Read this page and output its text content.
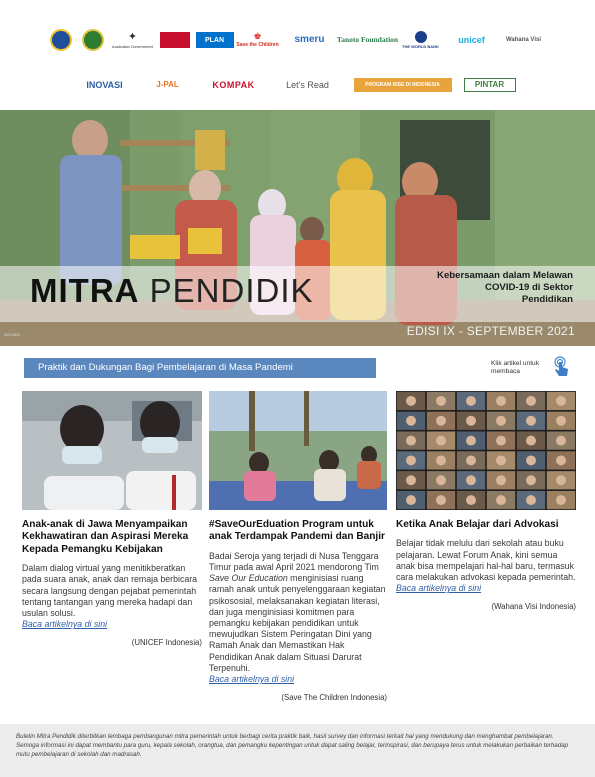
✦
Australian Government
PLAN	♚
Save the Children	smeru	Tanoto Foundation
THE WORLD BANK
unicef	Wahana Visi
INOVASI	J-PAL	KOMPAK	Let's Read	PROGRAM RISE DI INDONESIA	PINTAR
MITRA PENDIDIK	Kebersamaan dalam Melawan COVID-19 di Sektor Pendidikan
EDISI IX - SEPTEMBER 2021
INOVASI
Praktik dan Dukungan Bagi Pembelajaran di Masa Pandemi	Klik artikel untuk membaca
Anak-anak di Jawa Menyampaikan Kekhawatiran dan Aspirasi Mereka Kepada Pemangku Kebijakan
Dalam dialog virtual yang menitikberatkan pada suara anak, anak dan remaja berbicara secara langsung dengan pejabat pemerintah tentang tantangan yang mereka hadapi dan usulan solusi.
Baca artikelnya di sini
(UNICEF Indonesia)
#SaveOurEduation Program untuk anak Terdampak Pandemi dan Banjir
Badai Seroja yang terjadi di Nusa Tenggara Timur pada awal April 2021 mendorong Tim Save Our Education menginisiasi ruang ramah anak untuk penyelenggaraan kegiatan psikososial, melaksanakan kegiatan literasi, dan juga menginisiasi komitmen para pemangku kebijakan pendidikan untuk mewujudkan Sistem Peringatan Dini yang Ramah Anak dan Memastikan Hak Pendidikan Anak dalam Situasi Darurat Terpenuhi.
Baca artikelnya di sini
(Save The Children Indonesia)
Ketika Anak Belajar dari Advokasi
Belajar tidak melulu dari sekolah atau buku pelajaran. Lewat Forum Anak, kini semua anak bisa mempelajari hal-hal baru, termasuk cara melakukan advokasi kepada pemerintah.
Baca artikelnya di sini
(Wahana Visi Indonesia)
Buletin Mitra Pendidik diterbitkan lembaga pembangunan mitra pemerintah untuk berbagi cerita praktik baik, hasil survey dan informasi terkait hal yang mendukung dan menghambat pembelajaran. Semoga informasi ini dapat membantu para guru, kepala sekolah, orangtua, dan pemangku kepentingan untuk dapat saling belajar, terinspirasi, dan berupaya terus untuk melakukan perbaikan terhadap mutu pembelajaran di sekolah dan madrasah.
